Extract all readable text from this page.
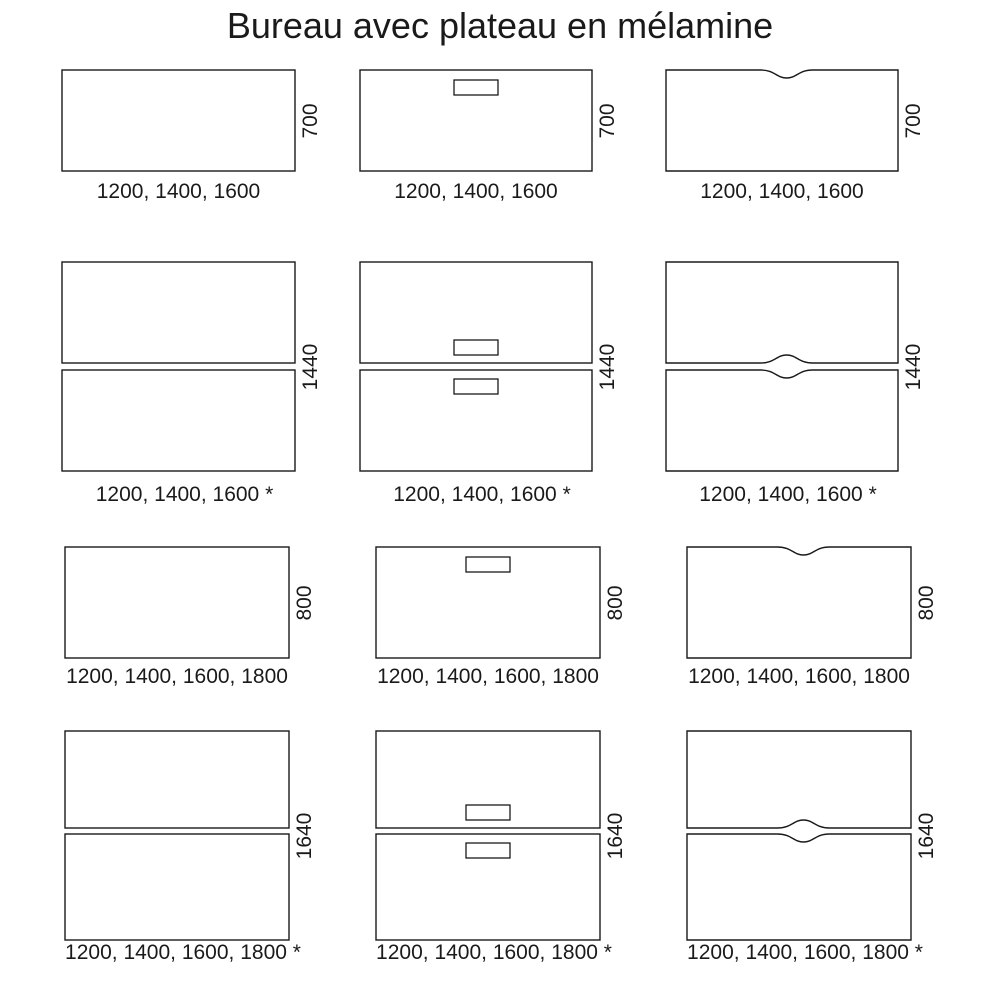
Bureau avec plateau en mélamine
700
1200, 1400, 1600
700
1200, 1400, 1600
700
1200, 1400, 1600
1440
1200, 1400, 1600 *
1440
1200, 1400, 1600 *
1440
1200, 1400, 1600 *
800
1200, 1400, 1600, 1800
800
1200, 1400, 1600, 1800
800
1200, 1400, 1600, 1800
1640
1200, 1400, 1600, 1800 *
1640
1200, 1400, 1600, 1800 *
1640
1200, 1400, 1600, 1800 *
